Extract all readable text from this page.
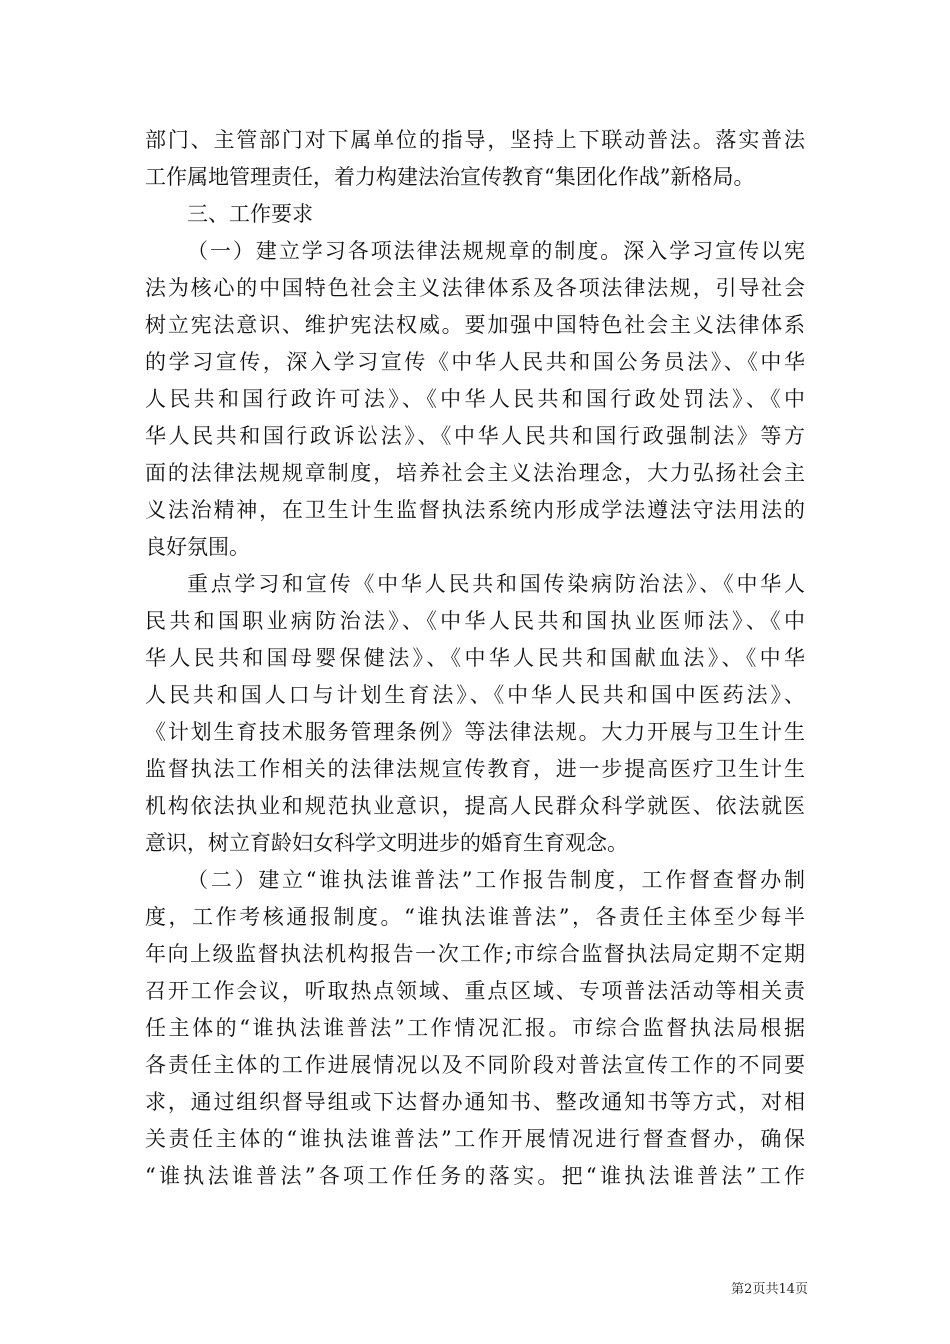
部门、主管部门对下属单位的指导，坚持上下联动普法。落实普法
工作属地管理责任，着力构建法治宣传教育“集团化作战”新格局。
三、工作要求
（一）建立学习各项法律法规规章的制度。深入学习宣传以宪
法为核心的中国特色社会主义法律体系及各项法律法规，引导社会
树立宪法意识、维护宪法权威。要加强中国特色社会主义法律体系
的学习宣传，深入学习宣传《中华人民共和国公务员法》、《中华
人民共和国行政许可法》、《中华人民共和国行政处罚法》、《中
华人民共和国行政诉讼法》、《中华人民共和国行政强制法》等方
面的法律法规规章制度，培养社会主义法治理念，大力弘扬社会主
义法治精神，在卫生计生监督执法系统内形成学法遵法守法用法的
良好氛围。
重点学习和宣传《中华人民共和国传染病防治法》、《中华人
民共和国职业病防治法》、《中华人民共和国执业医师法》、《中
华人民共和国母婴保健法》、《中华人民共和国献血法》、《中华
人民共和国人口与计划生育法》、《中华人民共和国中医药法》、
《计划生育技术服务管理条例》等法律法规。大力开展与卫生计生
监督执法工作相关的法律法规宣传教育，进一步提高医疗卫生计生
机构依法执业和规范执业意识，提高人民群众科学就医、依法就医
意识，树立育龄妇女科学文明进步的婚育生育观念。
（二）建立“谁执法谁普法”工作报告制度，工作督查督办制
度，工作考核通报制度。“谁执法谁普法”，各责任主体至少每半
年向上级监督执法机构报告一次工作;市综合监督执法局定期不定期
召开工作会议，听取热点领域、重点区域、专项普法活动等相关责
任主体的“谁执法谁普法”工作情况汇报。市综合监督执法局根据
各责任主体的工作进展情况以及不同阶段对普法宣传工作的不同要
求，通过组织督导组或下达督办通知书、整改通知书等方式，对相
关责任主体的“谁执法谁普法”工作开展情况进行督查督办，确保
“谁执法谁普法”各项工作任务的落实。把“谁执法谁普法”工作
第2页共14页
